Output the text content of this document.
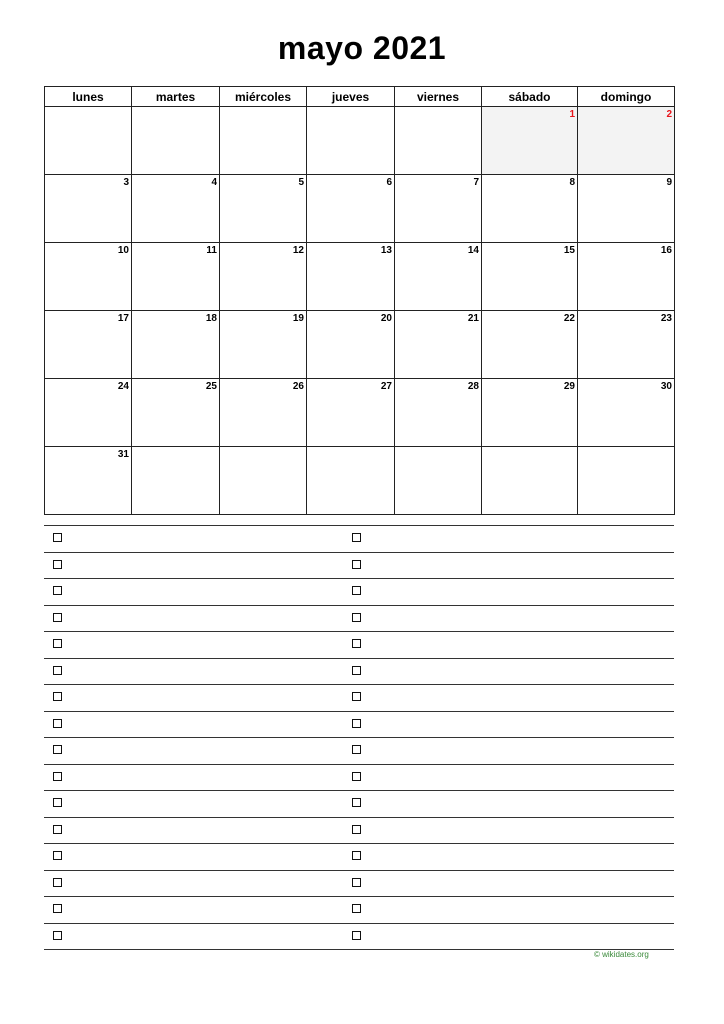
mayo 2021
lunes	martes	miércoles	jueves	viernes	sábado	domingo

					1	2

3	4	5	6	7	8	9

10	11	12	13	14	15	16

17	18	19	20	21	22	23

24	25	26	27	28	29	30

31						

© wikidates.org
